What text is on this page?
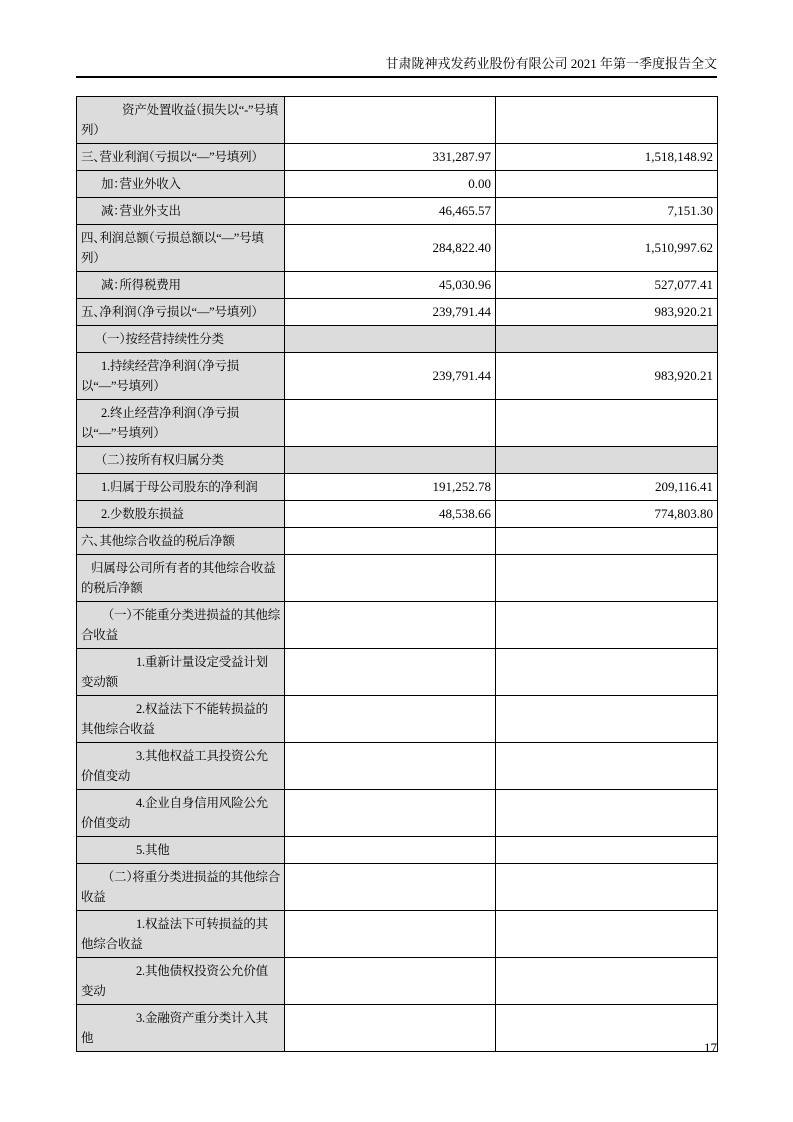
甘肃陇神戎发药业股份有限公司 2021 年第一季度报告全文
资产处置收益（损失以“-”号填列）		

三、营业利润（亏损以“—”号填列）	331,287.97	1,518,148.92

加：营业外收入	0.00	

减：营业外支出	46,465.57	7,151.30

四、利润总额（亏损总额以“—”号填列）	284,822.40	1,510,997.62

减：所得税费用	45,030.96	527,077.41

五、净利润（净亏损以“—”号填列）	239,791.44	983,920.21

（一）按经营持续性分类		

1.持续经营净利润（净亏损以“—”号填列）	239,791.44	983,920.21

2.终止经营净利润（净亏损以“—”号填列）		

（二）按所有权归属分类		

1.归属于母公司股东的净利润	191,252.78	209,116.41

2.少数股东损益	48,538.66	774,803.80

六、其他综合收益的税后净额		

归属母公司所有者的其他综合收益的税后净额		

（一）不能重分类进损益的其他综合收益		

1.重新计量设定受益计划变动额		

2.权益法下不能转损益的其他综合收益		

3.其他权益工具投资公允价值变动		

4.企业自身信用风险公允价值变动		

5.其他		

（二）将重分类进损益的其他综合收益		

1.权益法下可转损益的其他综合收益		

2.其他债权投资公允价值变动		

3.金融资产重分类计入其他		

17
